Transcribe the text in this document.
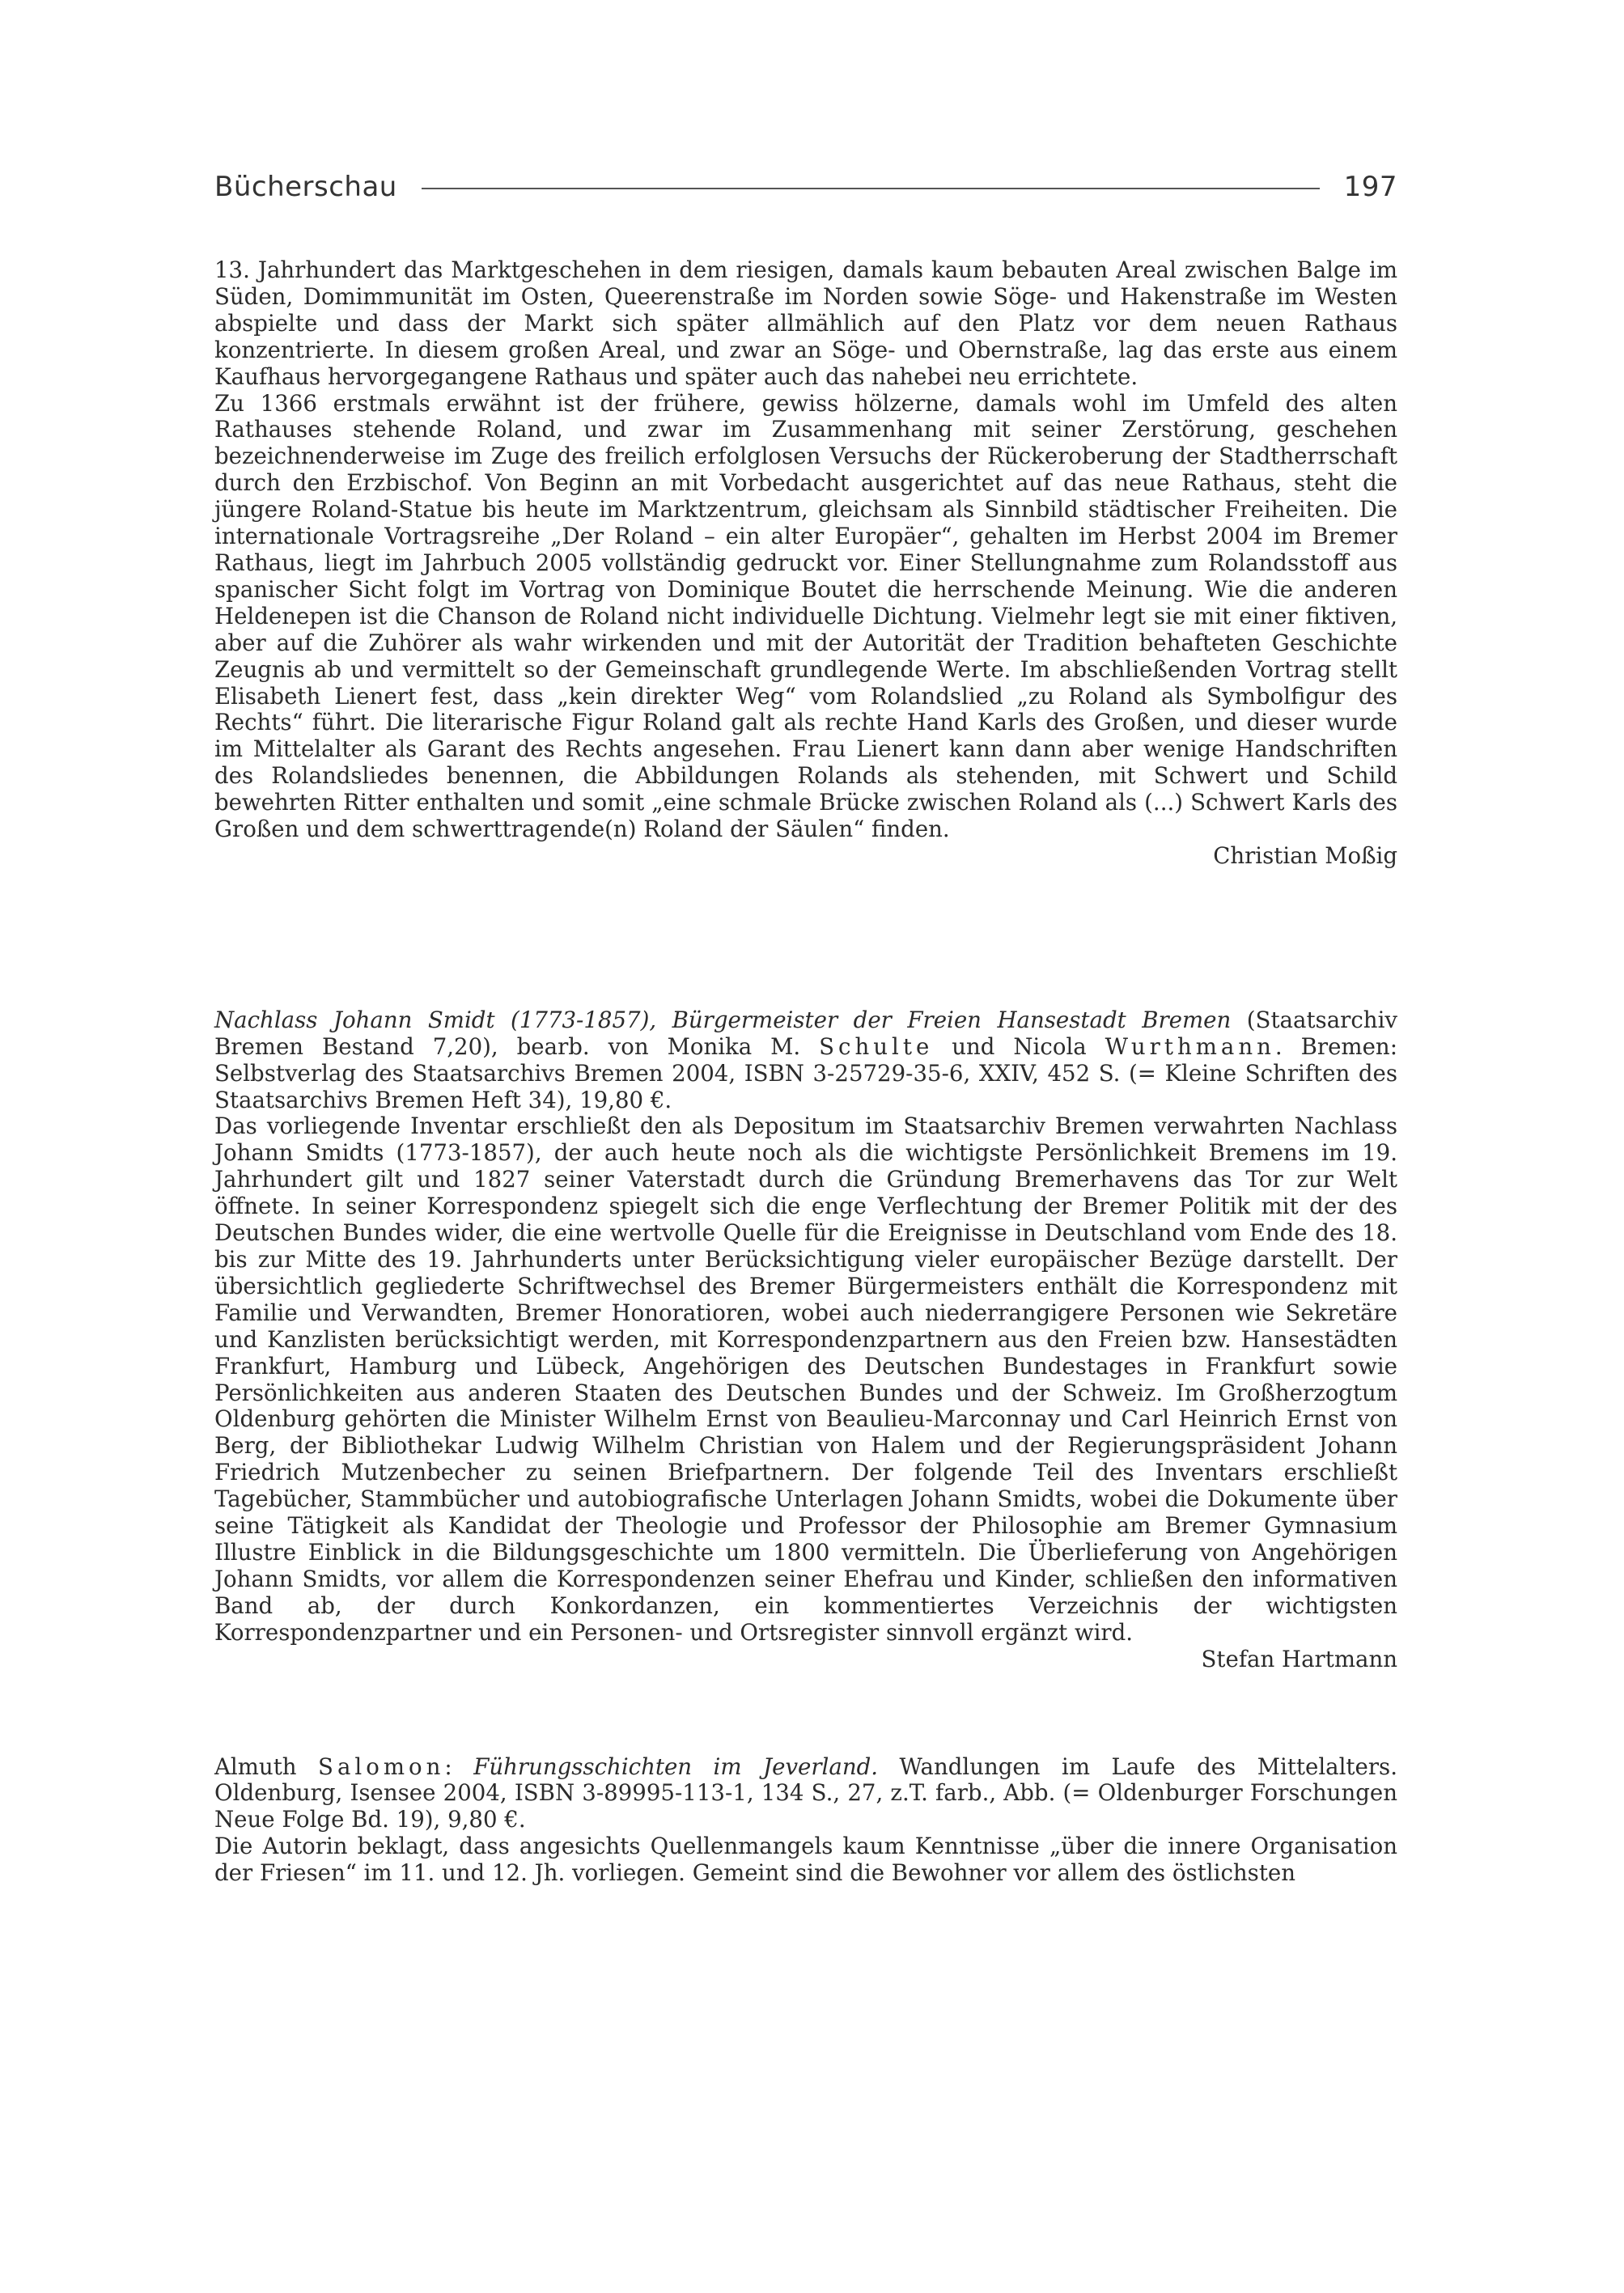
Bücherschau	197

13. Jahrhundert das Marktgeschehen in dem riesigen, damals kaum bebauten Areal zwischen Balge im Süden, Domimmunität im Osten, Queerenstraße im Norden sowie Söge- und Hakenstraße im Westen abspielte und dass der Markt sich später allmählich auf den Platz vor dem neuen Rathaus konzentrierte. In diesem großen Areal, und zwar an Söge- und Obernstraße, lag das erste aus einem Kaufhaus hervorgegangene Rathaus und später auch das nahebei neu errichtete.

Zu 1366 erstmals erwähnt ist der frühere, gewiss hölzerne, damals wohl im Umfeld des alten Rathauses stehende Roland, und zwar im Zusammenhang mit seiner Zerstörung, geschehen bezeichnenderweise im Zuge des freilich erfolglosen Versuchs der Rückeroberung der Stadtherrschaft durch den Erzbischof. Von Beginn an mit Vorbedacht ausgerichtet auf das neue Rathaus, steht die jüngere Roland-Statue bis heute im Marktzentrum, gleichsam als Sinnbild städtischer Freiheiten. Die internationale Vortragsreihe „Der Roland – ein alter Europäer“, gehalten im Herbst 2004 im Bremer Rathaus, liegt im Jahrbuch 2005 vollständig gedruckt vor. Einer Stellungnahme zum Rolandsstoff aus spanischer Sicht folgt im Vortrag von Dominique Boutet die herrschende Meinung. Wie die anderen Heldenepen ist die Chanson de Roland nicht individuelle Dichtung. Vielmehr legt sie mit einer fiktiven, aber auf die Zuhörer als wahr wirkenden und mit der Autorität der Tradition behafteten Geschichte Zeugnis ab und vermittelt so der Gemeinschaft grundlegende Werte. Im abschließenden Vortrag stellt Elisabeth Lienert fest, dass „kein direkter Weg“ vom Rolandslied „zu Roland als Symbolfigur des Rechts“ führt. Die literarische Figur Roland galt als rechte Hand Karls des Großen, und dieser wurde im Mittelalter als Garant des Rechts angesehen. Frau Lienert kann dann aber wenige Handschriften des Rolandsliedes benennen, die Abbildungen Rolands als stehenden, mit Schwert und Schild bewehrten Ritter enthalten und somit „eine schmale Brücke zwischen Roland als (...) Schwert Karls des Großen und dem schwerttragende(n) Roland der Säulen“ finden.

Christian Moßig

Nachlass Johann Smidt (1773-1857), Bürgermeister der Freien Hansestadt Bremen (Staatsarchiv Bremen Bestand 7,20), bearb. von Monika M. Schulte und Nicola Wurthmann. Bremen: Selbstverlag des Staatsarchivs Bremen 2004, ISBN 3-25729-35-6, XXIV, 452 S. (= Kleine Schriften des Staatsarchivs Bremen Heft 34), 19,80 €.

Das vorliegende Inventar erschließt den als Depositum im Staatsarchiv Bremen verwahrten Nachlass Johann Smidts (1773-1857), der auch heute noch als die wichtigste Persönlichkeit Bremens im 19. Jahrhundert gilt und 1827 seiner Vaterstadt durch die Gründung Bremerhavens das Tor zur Welt öffnete. In seiner Korrespondenz spiegelt sich die enge Verflechtung der Bremer Politik mit der des Deutschen Bundes wider, die eine wertvolle Quelle für die Ereignisse in Deutschland vom Ende des 18. bis zur Mitte des 19. Jahrhunderts unter Berücksichtigung vieler europäischer Bezüge darstellt. Der übersichtlich gegliederte Schriftwechsel des Bremer Bürgermeisters enthält die Korrespondenz mit Familie und Verwandten, Bremer Honoratioren, wobei auch niederrangigere Personen wie Sekretäre und Kanzlisten berücksichtigt werden, mit Korrespondenzpartnern aus den Freien bzw. Hansestädten Frankfurt, Hamburg und Lübeck, Angehörigen des Deutschen Bundestages in Frankfurt sowie Persönlichkeiten aus anderen Staaten des Deutschen Bundes und der Schweiz. Im Großherzogtum Oldenburg gehörten die Minister Wilhelm Ernst von Beaulieu-Marconnay und Carl Heinrich Ernst von Berg, der Bibliothekar Ludwig Wilhelm Christian von Halem und der Regierungspräsident Johann Friedrich Mutzenbecher zu seinen Briefpartnern. Der folgende Teil des Inventars erschließt Tagebücher, Stammbücher und autobiografische Unterlagen Johann Smidts, wobei die Dokumente über seine Tätigkeit als Kandidat der Theologie und Professor der Philosophie am Bremer Gymnasium Illustre Einblick in die Bildungsgeschichte um 1800 vermitteln. Die Überlieferung von Angehörigen Johann Smidts, vor allem die Korrespondenzen seiner Ehefrau und Kinder, schließen den informativen Band ab, der durch Konkordanzen, ein kommentiertes Verzeichnis der wichtigsten Korrespondenzpartner und ein Personen- und Ortsregister sinnvoll ergänzt wird.

Stefan Hartmann

Almuth Salomon: Führungsschichten im Jeverland. Wandlungen im Laufe des Mittelalters. Oldenburg, Isensee 2004, ISBN 3-89995-113-1, 134 S., 27, z.T. farb., Abb. (= Oldenburger Forschungen Neue Folge Bd. 19), 9,80 €.

Die Autorin beklagt, dass angesichts Quellenmangels kaum Kenntnisse „über die innere Organisation der Friesen“ im 11. und 12. Jh. vorliegen. Gemeint sind die Bewohner vor allem des östlichsten
